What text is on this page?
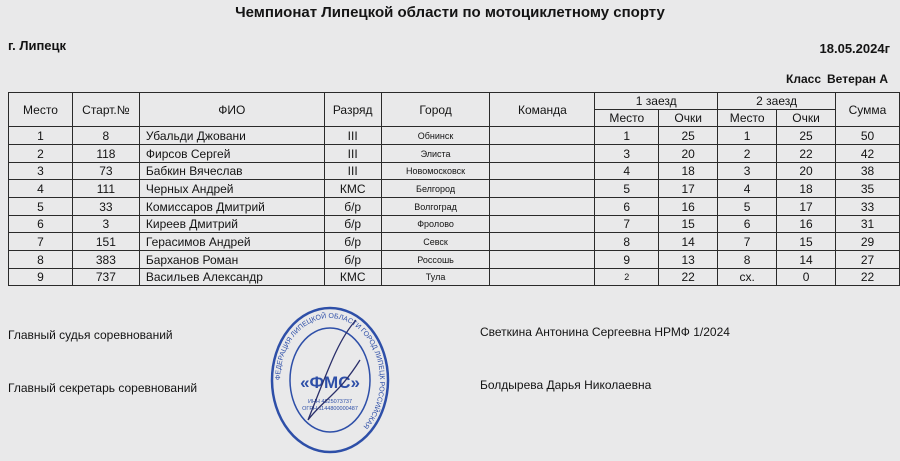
Чемпионат Липецкой области по мотоциклетному спорту
г. Липецк	18.05.2024г
Класс Ветеран А
Место	Старт.№	ФИО	Разряд	Город	Команда	1 заезд		2 заезд		Сумма
						Место	Очки	Место	Очки	
1	8	Убальди Джовани	III	Обнинск		1	25	1	25	50
2	118	Фирсов Сергей	III	Элиста		3	20	2	22	42
3	73	Бабкин Вячеслав	III	Новомосковск		4	18	3	20	38
4	111	Черных Андрей	КМС	Белгород		5	17	4	18	35
5	33	Комиссаров Дмитрий	б/р	Волгоград		6	16	5	17	33
6	3	Киреев Дмитрий	б/р	Фролово		7	15	6	16	31
7	151	Герасимов Андрей	б/р	Севск		8	14	7	15	29
8	383	Барханов Роман	б/р	Россошь		9	13	8	14	27
9	737	Васильев Александр	КМС	Тула		2	22	сх.	0	22
Главный судья соревнований	Светкина Антонина Сергеевна НРМФ 1/2024
Главный секретарь соревнований	Болдырева Дарья Николаевна
ФЕДЕРАЦИЯ ЛИПЕЦКОЙ ОБЛАСТИ ГОРОД ЛИПЕЦК РОССИЙСКАЯ
«ФМС»
ИНН 4825073737
ОГРН 1144800000487
